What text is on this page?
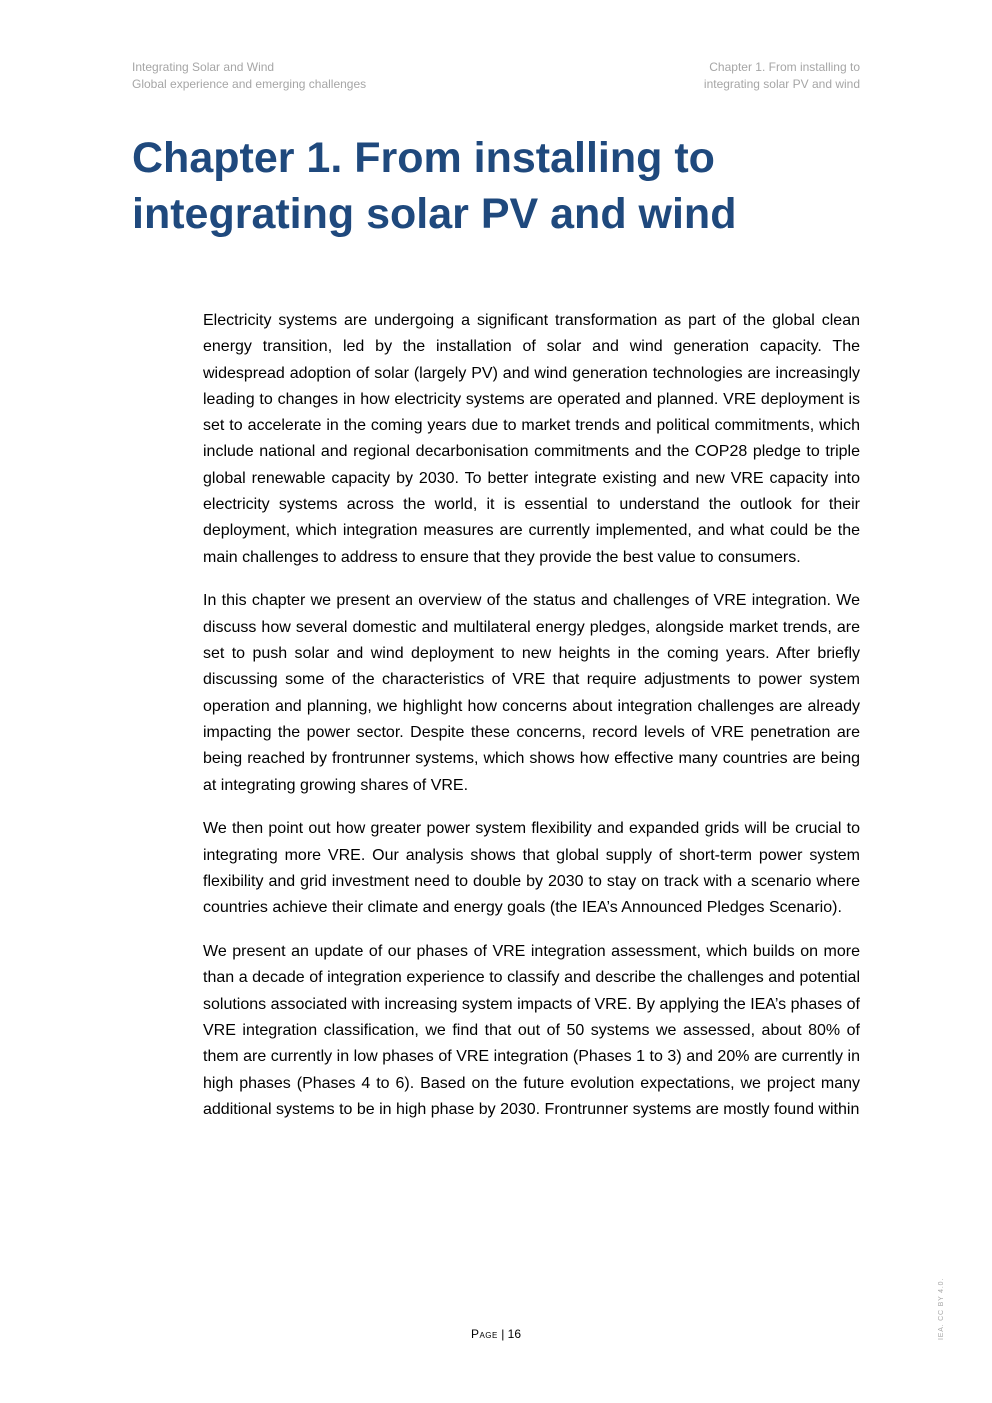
Integrating Solar and Wind
Global experience and emerging challenges
Chapter 1. From installing to
integrating solar PV and wind
Chapter 1. From installing to
integrating solar PV and wind

Electricity systems are undergoing a significant transformation as part of the global clean energy transition, led by the installation of solar and wind generation capacity. The widespread adoption of solar (largely PV) and wind generation technologies are increasingly leading to changes in how electricity systems are operated and planned. VRE deployment is set to accelerate in the coming years due to market trends and political commitments, which include national and regional decarbonisation commitments and the COP28 pledge to triple global renewable capacity by 2030. To better integrate existing and new VRE capacity into electricity systems across the world, it is essential to understand the outlook for their deployment, which integration measures are currently implemented, and what could be the main challenges to address to ensure that they provide the best value to consumers.

In this chapter we present an overview of the status and challenges of VRE integration. We discuss how several domestic and multilateral energy pledges, alongside market trends, are set to push solar and wind deployment to new heights in the coming years. After briefly discussing some of the characteristics of VRE that require adjustments to power system operation and planning, we highlight how concerns about integration challenges are already impacting the power sector. Despite these concerns, record levels of VRE penetration are being reached by frontrunner systems, which shows how effective many countries are being at integrating growing shares of VRE.

We then point out how greater power system flexibility and expanded grids will be crucial to integrating more VRE. Our analysis shows that global supply of short-term power system flexibility and grid investment need to double by 2030 to stay on track with a scenario where countries achieve their climate and energy goals (the IEA’s Announced Pledges Scenario).

We present an update of our phases of VRE integration assessment, which builds on more than a decade of integration experience to classify and describe the challenges and potential solutions associated with increasing system impacts of VRE. By applying the IEA’s phases of VRE integration classification, we find that out of 50 systems we assessed, about 80% of them are currently in low phases of VRE integration (Phases 1 to 3) and 20% are currently in high phases (Phases 4 to 6). Based on the future evolution expectations, we project many additional systems to be in high phase by 2030. Frontrunner systems are mostly found within

Page | 16	IEA. CC BY 4.0.
